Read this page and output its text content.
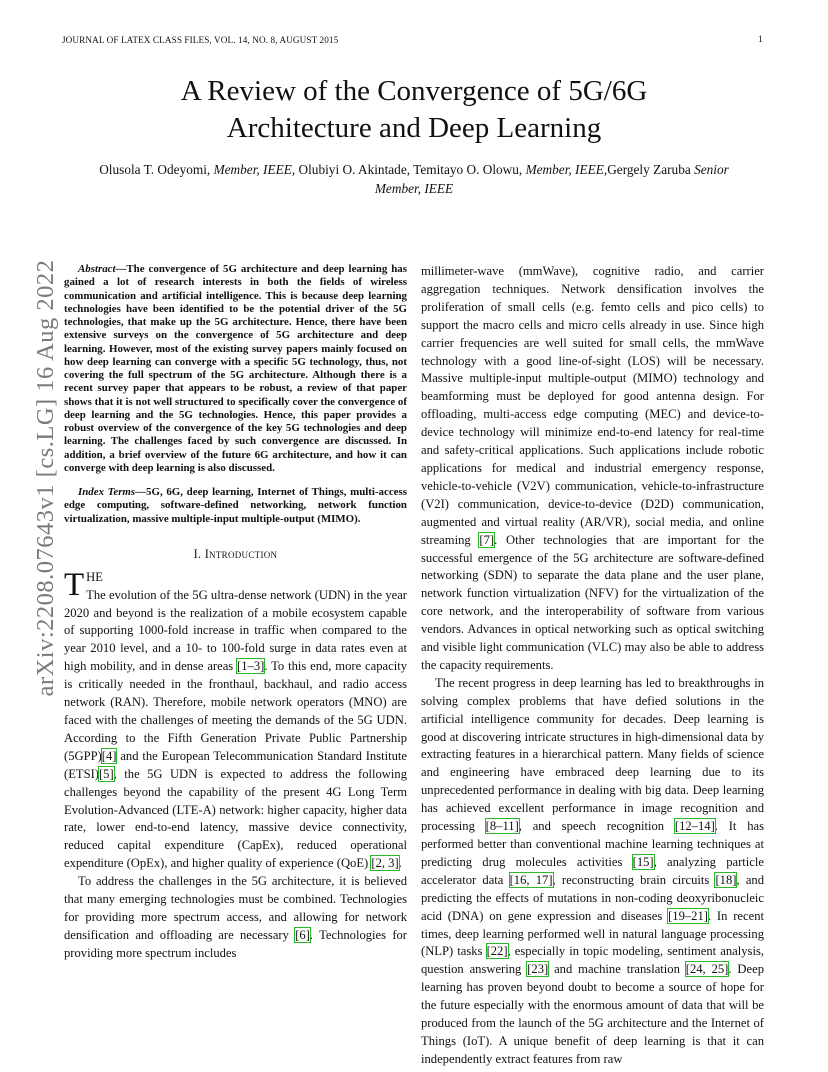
JOURNAL OF LATEX CLASS FILES, VOL. 14, NO. 8, AUGUST 2015	1
arXiv:2208.07643v1 [cs.LG] 16 Aug 2022
A Review of the Convergence of 5G/6G
Architecture and Deep Learning
Olusola T. Odeyomi, Member, IEEE, Olubiyi O. Akintade, Temitayo O. Olowu, Member, IEEE,Gergely Zaruba Senior Member, IEEE

Abstract—The convergence of 5G architecture and deep learning has gained a lot of research interests in both the fields of wireless communication and artificial intelligence. This is because deep learning technologies have been identified to be the potential driver of the 5G technologies, that make up the 5G architecture. Hence, there have been extensive surveys on the convergence of 5G architecture and deep learning. However, most of the existing survey papers mainly focused on how deep learning can converge with a specific 5G technology, thus, not covering the full spectrum of the 5G architecture. Although there is a recent survey paper that appears to be robust, a review of that paper shows that it is not well structured to specifically cover the convergence of deep learning and the 5G technologies. Hence, this paper provides a robust overview of the convergence of the key 5G technologies and deep learning. The challenges faced by such convergence are discussed. In addition, a brief overview of the future 6G architecture, and how it can converge with deep learning is also discussed.

Index Terms—5G, 6G, deep learning, Internet of Things, multi-access edge computing, software-defined networking, network function virtualization, massive multiple-input multiple-output (MIMO).

I. Introduction

THE
The evolution of the 5G ultra-dense network (UDN) in the year 2020 and beyond is the realization of a mobile ecosystem capable of supporting 1000-fold increase in traffic when compared to the year 2010 level, and a 10- to 100-fold surge in data rates even at high mobility, and in dense areas [1–3]. To this end, more capacity is critically needed in the fronthaul, backhaul, and radio access network (RAN). Therefore, mobile network operators (MNO) are faced with the challenges of meeting the demands of the 5G UDN. According to the Fifth Generation Private Public Partnership (5GPP)[4] and the European Telecommunication Standard Institute (ETSI)[5], the 5G UDN is expected to address the following challenges beyond the capability of the present 4G Long Term Evolution-Advanced (LTE-A) network: higher capacity, higher data rate, lower end-to-end latency, massive device connectivity, reduced capital expenditure (CapEx), reduced operational expenditure (OpEx), and higher quality of experience (QoE) [2, 3].

To address the challenges in the 5G architecture, it is believed that many emerging technologies must be combined. Technologies for providing more spectrum access, and allowing for network densification and offloading are necessary [6]. Technologies for providing more spectrum includes

millimeter-wave (mmWave), cognitive radio, and carrier aggregation techniques. Network densification involves the proliferation of small cells (e.g. femto cells and pico cells) to support the macro cells and micro cells already in use. Since high carrier frequencies are well suited for small cells, the mmWave technology with a good line-of-sight (LOS) will be necessary. Massive multiple-input multiple-output (MIMO) technology and beamforming must be deployed for good antenna design. For offloading, multi-access edge computing (MEC) and device-to-device technology will minimize end-to-end latency for real-time and safety-critical applications. Such applications include robotic applications for medical and industrial emergency response, vehicle-to-vehicle (V2V) communication, vehicle-to-infrastructure (V2I) communication, device-to-device (D2D) communication, augmented and virtual reality (AR/VR), social media, and online streaming [7]. Other technologies that are important for the successful emergence of the 5G architecture are software-defined networking (SDN) to separate the data plane and the user plane, network function virtualization (NFV) for the virtualization of the core network, and the interoperability of software from various vendors. Advances in optical networking such as optical switching and visible light communication (VLC) may also be able to address the capacity requirements.

The recent progress in deep learning has led to breakthroughs in solving complex problems that have defied solutions in the artificial intelligence community for decades. Deep learning is good at discovering intricate structures in high-dimensional data by extracting features in a hierarchical pattern. Many fields of science and engineering have embraced deep learning due to its unprecedented performance in dealing with big data. Deep learning has achieved excellent performance in image recognition and processing [8–11], and speech recognition [12–14]. It has performed better than conventional machine learning techniques at predicting drug molecules activities [15], analyzing particle accelerator data [16, 17], reconstructing brain circuits [18], and predicting the effects of mutations in non-coding deoxyribonucleic acid (DNA) on gene expression and diseases [19–21]. In recent times, deep learning performed well in natural language processing (NLP) tasks [22], especially in topic modeling, sentiment analysis, question answering [23] and machine translation [24, 25]. Deep learning has proven beyond doubt to become a source of hope for the future especially with the enormous amount of data that will be produced from the launch of the 5G architecture and the Internet of Things (IoT). A unique benefit of deep learning is that it can independently extract features from raw
